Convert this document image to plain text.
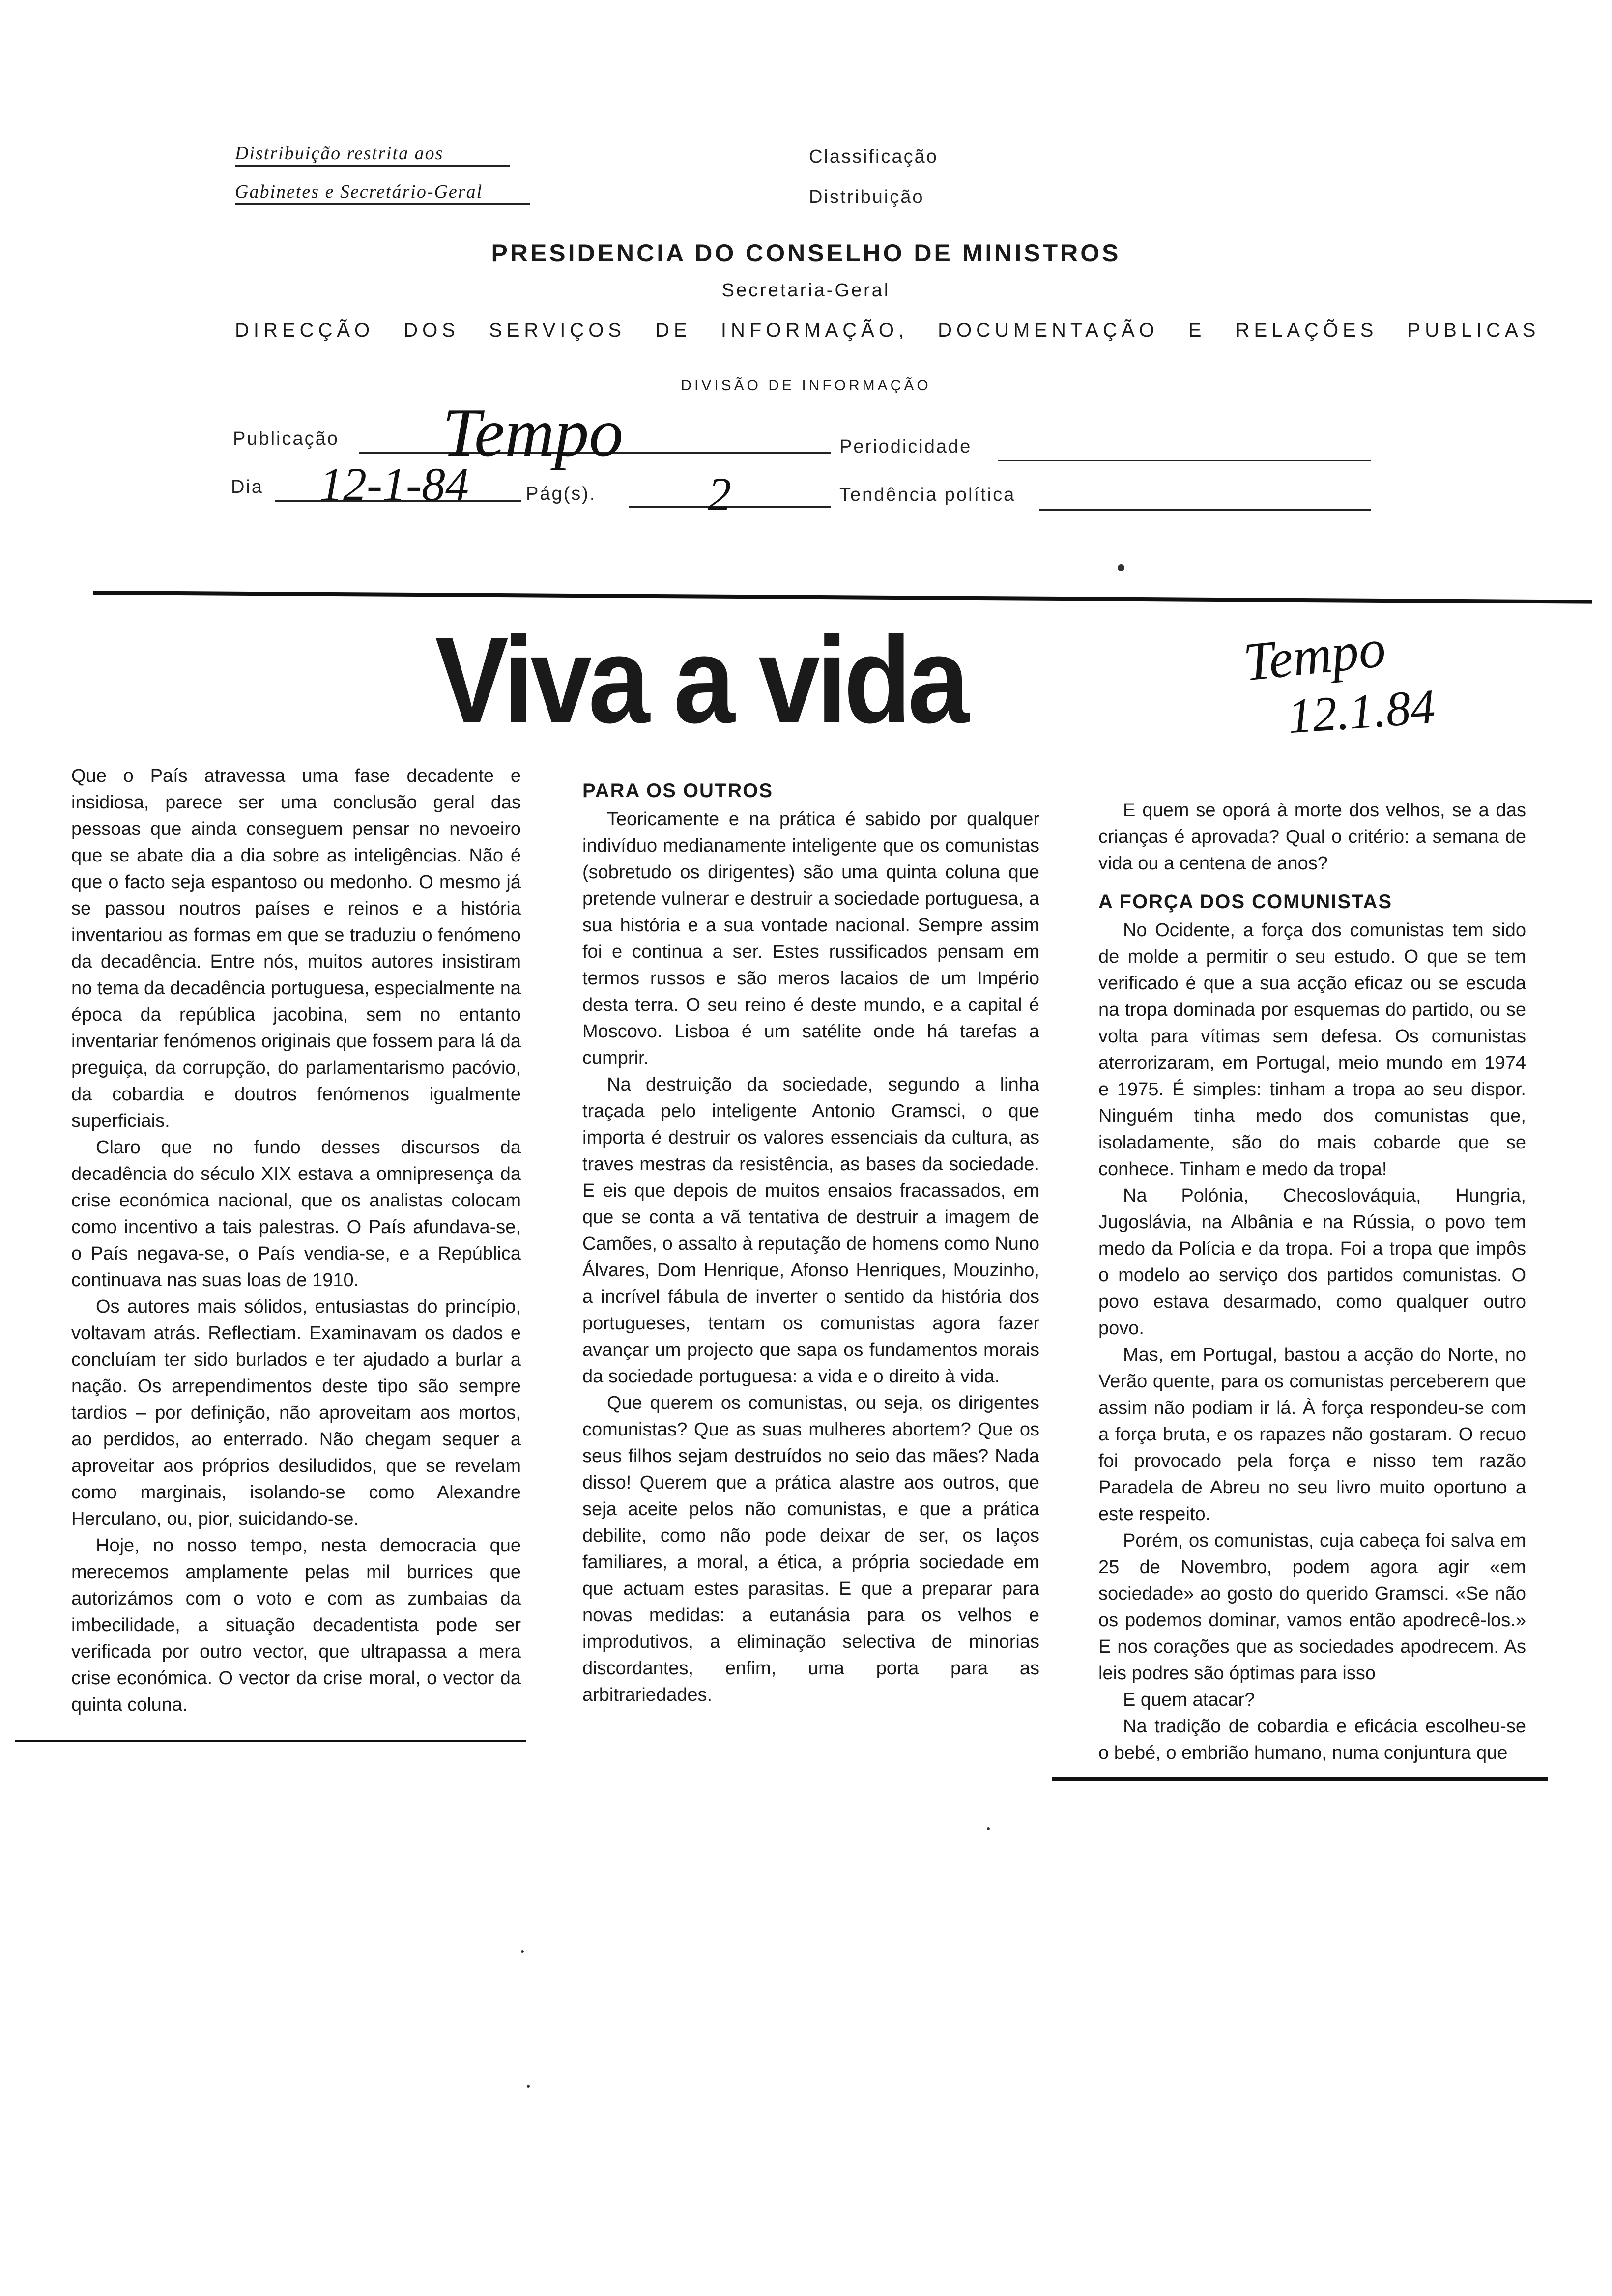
Distribuição restrita aos
Gabinetes e Secretário-Geral
Classificação
Distribuição
PRESIDENCIA DO CONSELHO DE MINISTROS
Secretaria-Geral
DIRECÇÃO DOS SERVIÇOS DE INFORMAÇÃO, DOCUMENTAÇÃO E RELAÇÕES PUBLICAS
DIVISÃO DE INFORMAÇÃO
Publicação Tempo	Periodicidade
Dia 12-1-84	Pág(s). 2	Tendência política
Viva a vida	Tempo
12.1.84

Que o País atravessa uma fase decadente e insidiosa, parece ser uma conclusão geral das pessoas que ainda conseguem pensar no nevoeiro que se abate dia a dia sobre as inteligências. Não é que o facto seja espantoso ou medonho. O mesmo já se passou noutros países e reinos e a história inventariou as formas em que se traduziu o fenómeno da decadência. Entre nós, muitos autores insistiram no tema da decadência portuguesa, especialmente na época da república jacobina, sem no entanto inventariar fenómenos originais que fossem para lá da preguiça, da corrupção, do parlamentarismo pacóvio, da cobardia e doutros fenómenos igualmente superficiais.

Claro que no fundo desses discursos da decadência do século XIX estava a omnipresença da crise económica nacional, que os analistas colocam como incentivo a tais palestras. O País afundava-se, o País negava-se, o País vendia-se, e a República continuava nas suas loas de 1910.

Os autores mais sólidos, entusiastas do princípio, voltavam atrás. Reflectiam. Examinavam os dados e concluíam ter sido burlados e ter ajudado a burlar a nação. Os arrependimentos deste tipo são sempre tardios – por definição, não aproveitam aos mortos, ao perdidos, ao enterrado. Não chegam sequer a aproveitar aos próprios desiludidos, que se revelam como marginais, isolando-se como Alexandre Herculano, ou, pior, suicidando-se.

Hoje, no nosso tempo, nesta democracia que merecemos amplamente pelas mil burrices que autorizámos com o voto e com as zumbaias da imbecilidade, a situação decadentista pode ser verificada por outro vector, que ultrapassa a mera crise económica. O vector da crise moral, o vector da quinta coluna.

PARA OS OUTROS

Teoricamente e na prática é sabido por qualquer indivíduo medianamente inteligente que os comunistas (sobretudo os dirigentes) são uma quinta coluna que pretende vulnerar e destruir a sociedade portuguesa, a sua história e a sua vontade nacional. Sempre assim foi e continua a ser. Estes russificados pensam em termos russos e são meros lacaios de um Império desta terra. O seu reino é deste mundo, e a capital é Moscovo. Lisboa é um satélite onde há tarefas a cumprir.

Na destruição da sociedade, segundo a linha traçada pelo inteligente Antonio Gramsci, o que importa é destruir os valores essenciais da cultura, as traves mestras da resistência, as bases da sociedade. E eis que depois de muitos ensaios fracassados, em que se conta a vã tentativa de destruir a imagem de Camões, o assalto à reputação de homens como Nuno Álvares, Dom Henrique, Afonso Henriques, Mouzinho, a incrível fábula de inverter o sentido da história dos portugueses, tentam os comunistas agora fazer avançar um projecto que sapa os fundamentos morais da sociedade portuguesa: a vida e o direito à vida.

Que querem os comunistas, ou seja, os dirigentes comunistas? Que as suas mulheres abortem? Que os seus filhos sejam destruídos no seio das mães? Nada disso! Querem que a prática alastre aos outros, que seja aceite pelos não comunistas, e que a prática debilite, como não pode deixar de ser, os laços familiares, a moral, a ética, a própria sociedade em que actuam estes parasitas. E que a preparar para novas medidas: a eutanásia para os velhos e improdutivos, a eliminação selectiva de minorias discordantes, enfim, uma porta para as arbitrariedades.

E quem se oporá à morte dos velhos, se a das crianças é aprovada? Qual o critério: a semana de vida ou a centena de anos?

A FORÇA DOS COMUNISTAS

No Ocidente, a força dos comunistas tem sido de molde a permitir o seu estudo. O que se tem verificado é que a sua acção eficaz ou se escuda na tropa dominada por esquemas do partido, ou se volta para vítimas sem defesa. Os comunistas aterrorizaram, em Portugal, meio mundo em 1974 e 1975. É simples: tinham a tropa ao seu dispor. Ninguém tinha medo dos comunistas que, isoladamente, são do mais cobarde que se conhece. Tinham e medo da tropa!

Na Polónia, Checoslováquia, Hungria, Jugoslávia, na Albânia e na Rússia, o povo tem medo da Polícia e da tropa. Foi a tropa que impôs o modelo ao serviço dos partidos comunistas. O povo estava desarmado, como qualquer outro povo.

Mas, em Portugal, bastou a acção do Norte, no Verão quente, para os comunistas perceberem que assim não podiam ir lá. À força respondeu-se com a força bruta, e os rapazes não gostaram. O recuo foi provocado pela força e nisso tem razão Paradela de Abreu no seu livro muito oportuno a este respeito.

Porém, os comunistas, cuja cabeça foi salva em 25 de Novembro, podem agora agir «em sociedade» ao gosto do querido Gramsci. «Se não os podemos dominar, vamos então apodrecê-los.» E nos corações que as sociedades apodrecem. As leis podres são óptimas para isso

E quem atacar?

Na tradição de cobardia e eficácia escolheu-se o bebé, o embrião humano, numa conjuntura que
